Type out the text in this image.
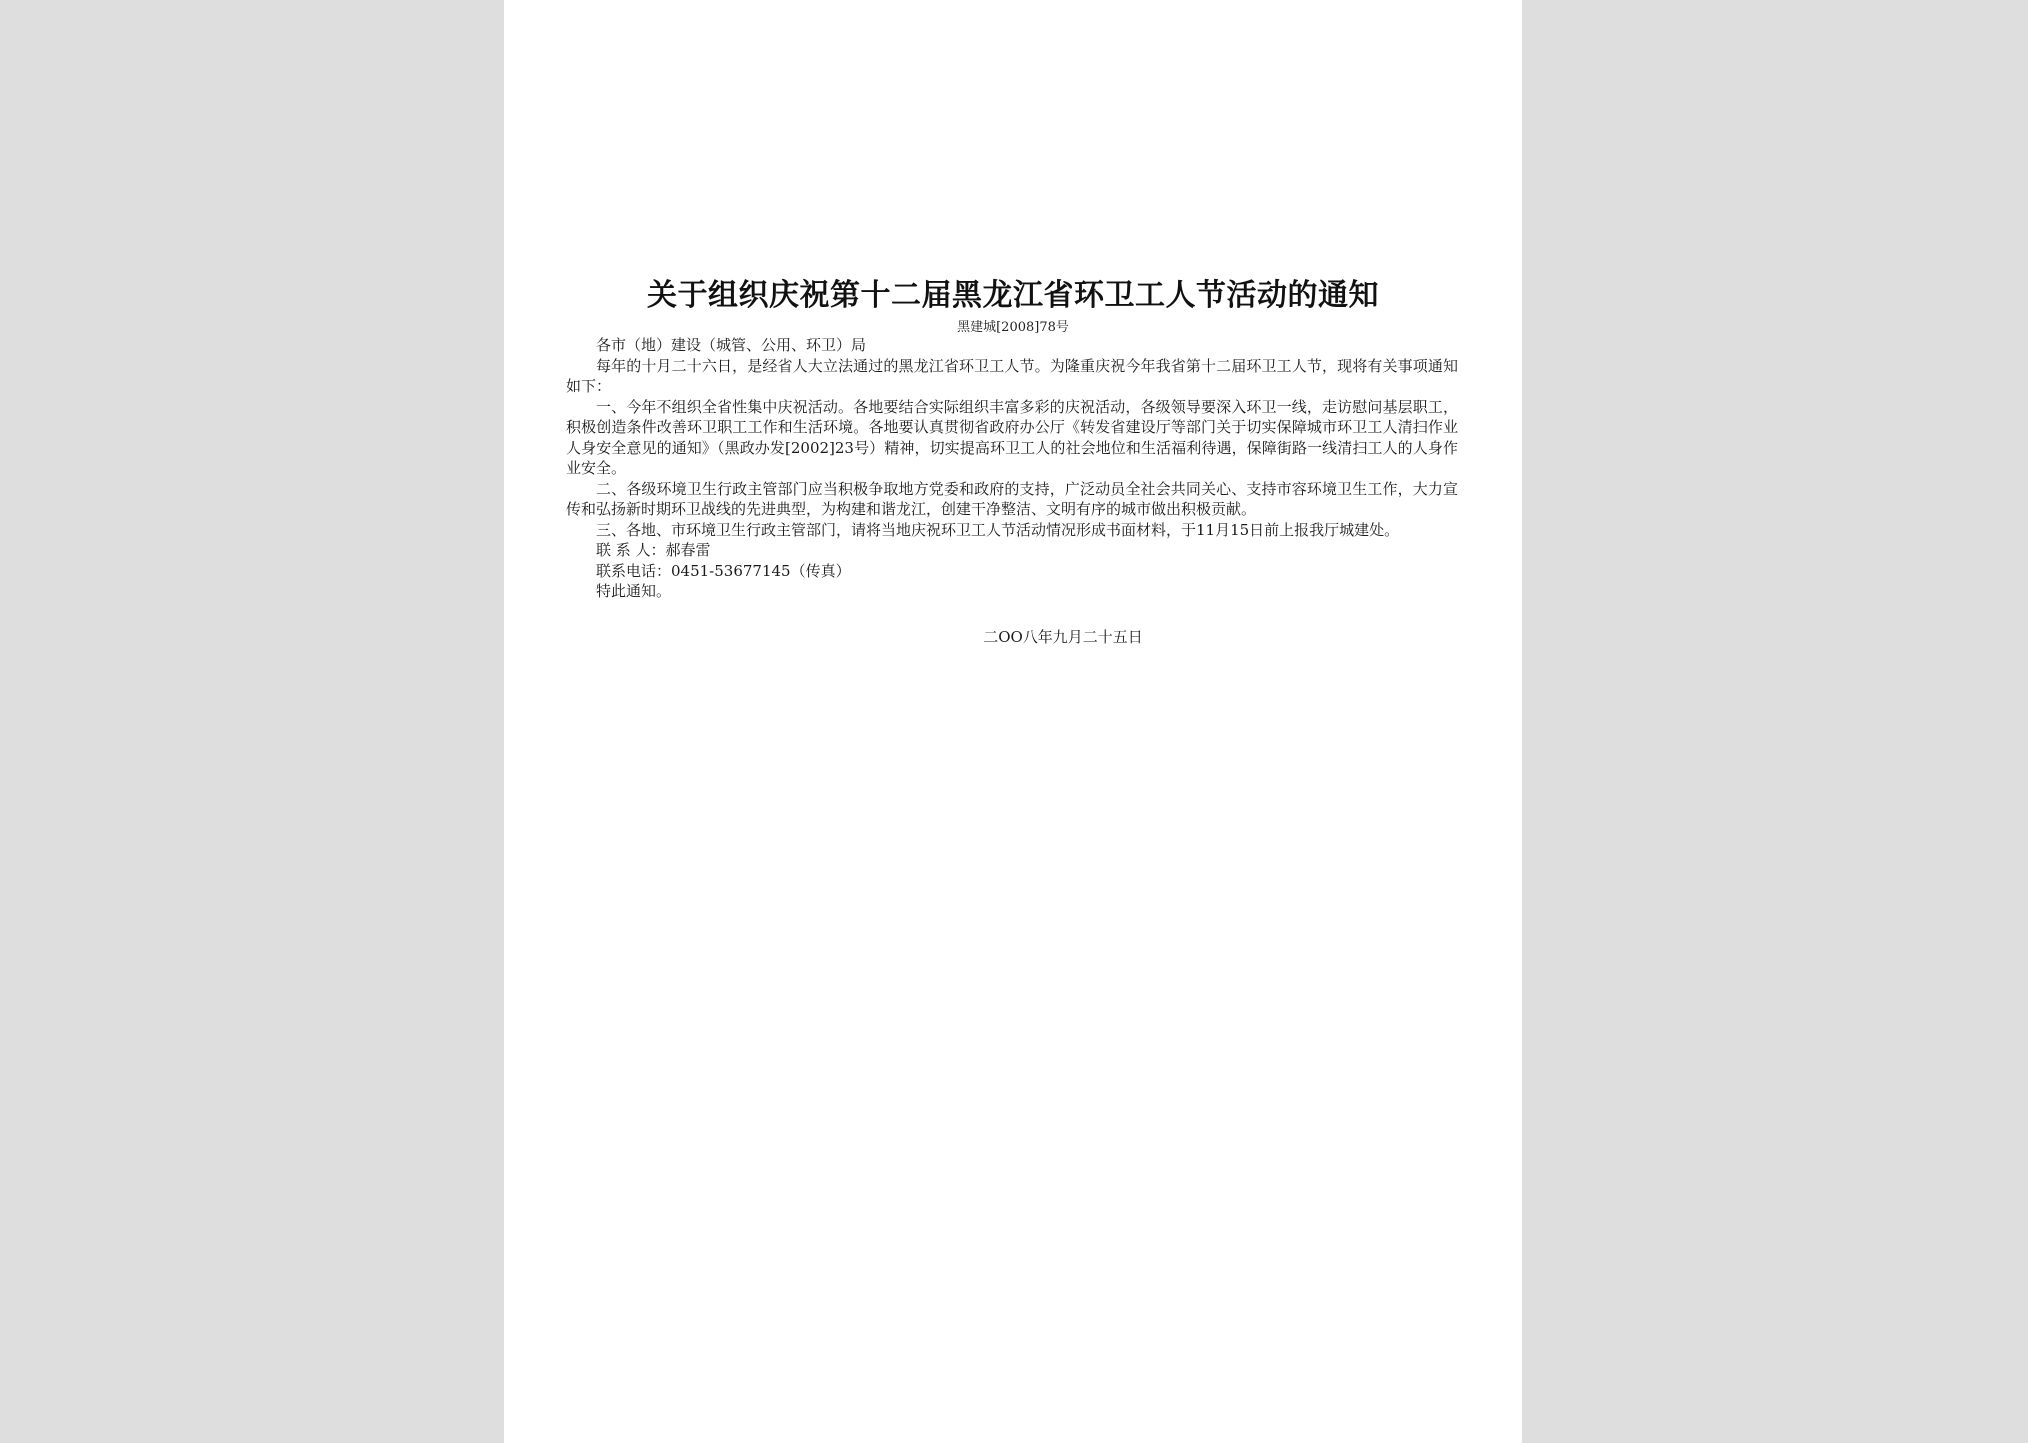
关于组织庆祝第十二届黑龙江省环卫工人节活动的通知
黑建城[2008]78号

各市（地）建设（城管、公用、环卫）局

每年的十月二十六日，是经省人大立法通过的黑龙江省环卫工人节。为隆重庆祝今年我省第十二届环卫工人节，现将有关事项通知如下：

一、今年不组织全省性集中庆祝活动。各地要结合实际组织丰富多彩的庆祝活动，各级领导要深入环卫一线，走访慰问基层职工，积极创造条件改善环卫职工工作和生活环境。各地要认真贯彻省政府办公厅《转发省建设厅等部门关于切实保障城市环卫工人清扫作业人身安全意见的通知》（黑政办发[2002]23号）精神，切实提高环卫工人的社会地位和生活福利待遇，保障街路一线清扫工人的人身作业安全。

二、各级环境卫生行政主管部门应当积极争取地方党委和政府的支持，广泛动员全社会共同关心、支持市容环境卫生工作，大力宣传和弘扬新时期环卫战线的先进典型，为构建和谐龙江，创建干净整洁、文明有序的城市做出积极贡献。

三、各地、市环境卫生行政主管部门，请将当地庆祝环卫工人节活动情况形成书面材料，于11月15日前上报我厅城建处。

联 系 人：郝春雷

联系电话：0451-53677145（传真）

特此通知。

二OO八年九月二十五日
